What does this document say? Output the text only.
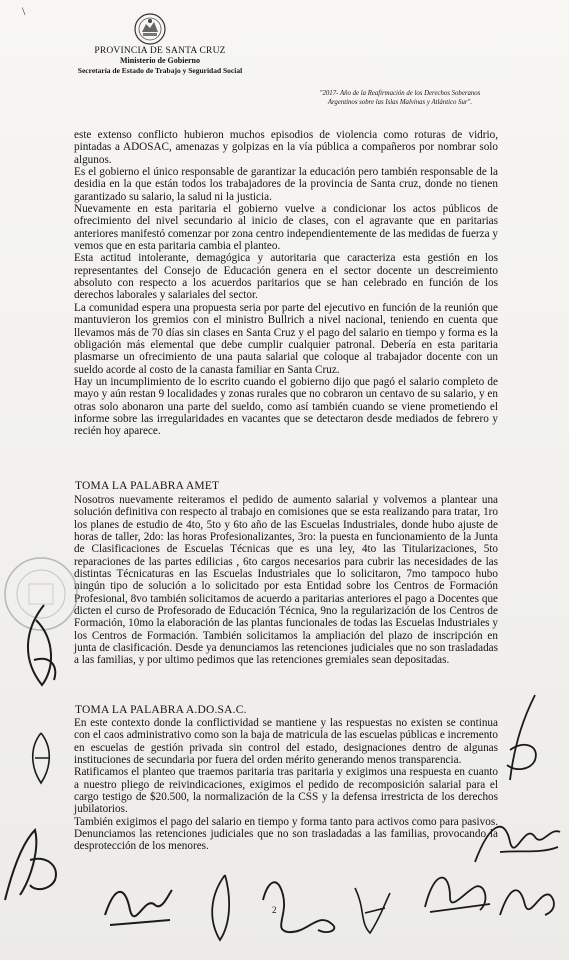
\
PROVINCIA DE SANTA CRUZ
Ministerio de Gobierno
Secretaría de Estado de Trabajo y Seguridad Social
"2017- Año de la Reafirmación de los Derechos Soberanos
Argentinos sobre las Islas Malvinas y Atlántico Sur".

este extenso conflicto hubieron muchos episodios de violencia como roturas de vidrio, pintadas a ADOSAC, amenazas y golpizas en la vía pública a compañeros por nombrar solo algunos.

Es el gobierno el único responsable de garantizar la educación pero también responsable de la desidia en la que están todos los trabajadores de la provincia de Santa cruz, donde no tienen garantizado su salario, la salud ni la justicia.

Nuevamente en esta paritaria el gobierno vuelve a condicionar los actos públicos de ofrecimiento del nivel secundario al inicio de clases, con el agravante que en paritarias anteriores manifestó comenzar por zona centro independientemente de las medidas de fuerza y vemos que en esta paritaria cambia el planteo.

Esta actitud intolerante, demagógica y autoritaria que caracteriza esta gestión en los representantes del Consejo de Educación genera en el sector docente un descreimiento absoluto con respecto a los acuerdos paritarios que se han celebrado en función de los derechos laborales y salariales del sector.

La comunidad espera una propuesta seria por parte del ejecutivo en función de la reunión que mantuvieron los gremios con el ministro Bullrich a nivel nacional, teniendo en cuenta que llevamos más de 70 días sin clases en Santa Cruz y el pago del salario en tiempo y forma es la obligación más elemental que debe cumplir cualquier patronal. Debería en esta paritaria plasmarse un ofrecimiento de una pauta salarial que coloque al trabajador docente con un sueldo acorde al costo de la canasta familiar en Santa Cruz.

Hay un incumplimiento de lo escrito cuando el gobierno dijo que pagó el salario completo de mayo y aún restan 9 localidades y zonas rurales que no cobraron un centavo de su salario, y en otras solo abonaron una parte del sueldo, como así también cuando se viene prometiendo el informe sobre las irregularidades en vacantes que se detectaron desde mediados de febrero y recién hoy aparece.

TOMA LA PALABRA AMET

Nosotros nuevamente reiteramos el pedido de aumento salarial y volvemos a plantear una solución definitiva con respecto al trabajo en comisiones que se esta realizando para tratar, 1ro los planes de estudio de 4to, 5to y 6to año de las Escuelas Industriales, donde hubo ajuste de horas de taller, 2do: las horas Profesionalizantes, 3ro: la puesta en funcionamiento de la Junta de Clasificaciones de Escuelas Técnicas que es una ley, 4to las Titularizaciones, 5to reparaciones de las partes edilicias , 6to cargos necesarios para cubrir las necesidades de las distintas Técnicaturas en las Escuelas Industriales que lo solicitaron, 7mo tampoco hubo ningún tipo de solución a lo solicitado por esta Entidad sobre los Centros de Formación Profesional, 8vo también solicitamos de acuerdo a paritarias anteriores el pago a Docentes que dicten el curso de Profesorado de Educación Técnica, 9no la regularización de los Centros de Formación, 10mo la elaboración de las plantas funcionales de todas las Escuelas Industriales y los Centros de Formación. También solicitamos la ampliación del plazo de inscripción en junta de clasificación. Desde ya denunciamos las retenciones judiciales que no son trasladadas a las familias, y por ultimo pedimos que las retenciones gremiales sean depositadas.

TOMA LA PALABRA A.DO.SA.C.

En este contexto donde la conflictividad se mantiene y las respuestas no existen se continua con el caos administrativo como son la baja de matricula de las escuelas públicas e incremento en escuelas de gestión privada sin control del estado, designaciones dentro de algunas instituciones de secundaria por fuera del orden mérito generando menos transparencia.

Ratificamos el planteo que traemos paritaria tras paritaria y exigimos una respuesta en cuanto a nuestro pliego de reivindicaciones, exigimos el pedido de recomposición salarial para el cargo testigo de $20.500, la normalización de la CSS y la defensa irrestricta de los derechos jubilatorios.

También exigimos el pago del salario en tiempo y forma tanto para activos como para pasivos. Denunciamos las retenciones judiciales que no son trasladadas a las familias, provocando la desprotección de los menores.

2
